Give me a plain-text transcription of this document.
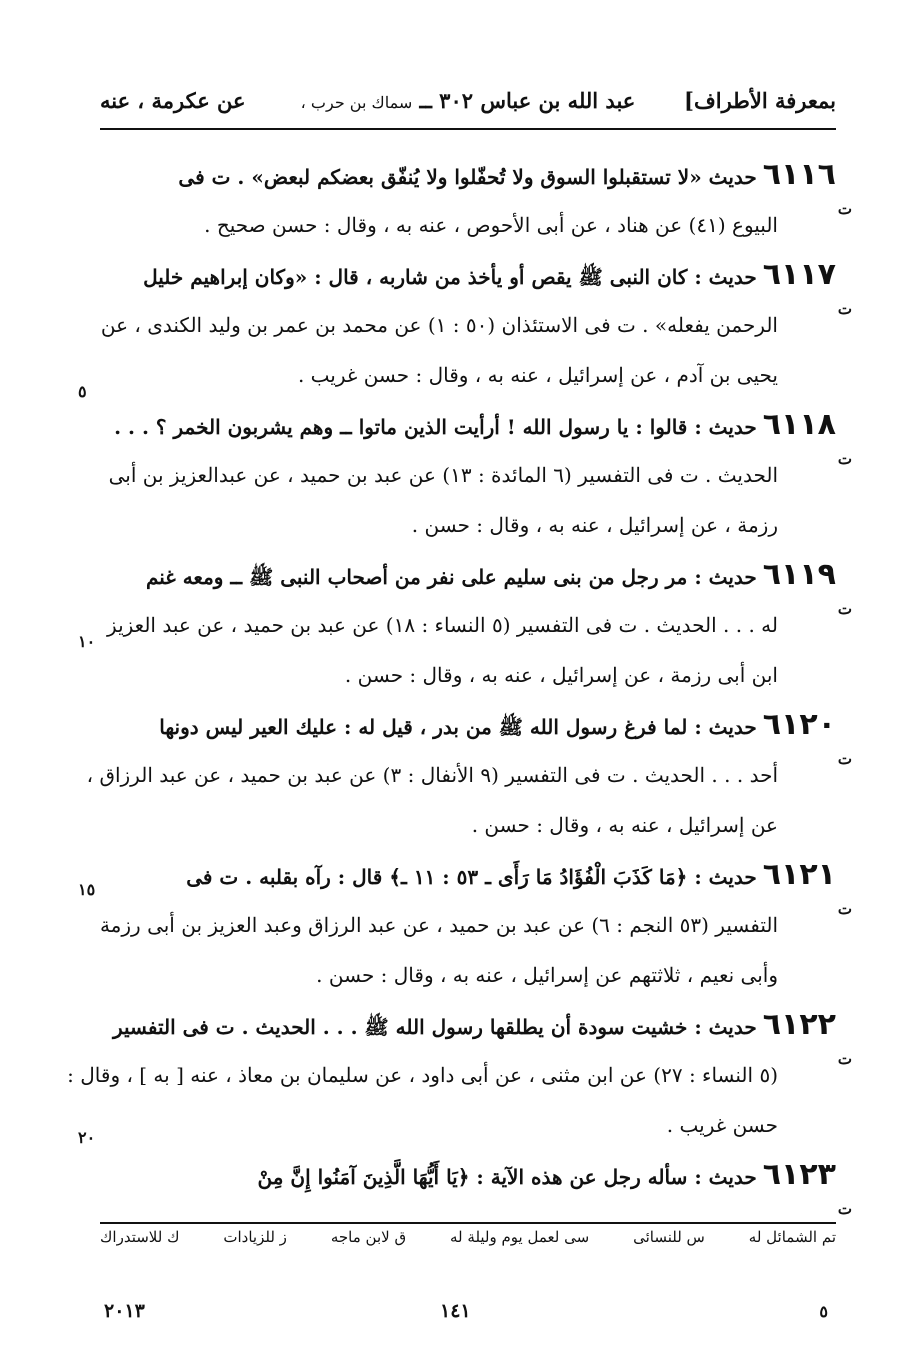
بمعرفة الأطراف]
عبد الله بن عباس ٣٠٢ ــ سماك بن حرب ،
عن عكرمة ، عنه
٦١١٦حديث «لا تستقبلوا السوق ولا تُحفّلوا ولا يُنفّق بعضكم لبعض» . ت فى
ت
البيوع (٤١) عن هناد ، عن أبى الأحوص ، عنه به ، وقال : حسن صحيح .
٦١١٧حديث : كان النبى ﷺ يقص أو يأخذ من شاربه ، قال : «وكان إبراهيم خليل
ت
الرحمن يفعله» . ت فى الاستئذان (٥٠ : ١) عن محمد بن عمر بن وليد الكندى ، عن
يحيى بن آدم ، عن إسرائيل ، عنه به ، وقال : حسن غريب .
٦١١٨حديث : قالوا : يا رسول الله ! أرأيت الذين ماتوا ــ وهم يشربون الخمر ؟ . . .
ت
الحديث . ت فى التفسير (٦ المائدة : ١٣) عن عبد بن حميد ، عن عبدالعزيز بن أبى
رزمة ، عن إسرائيل ، عنه به ، وقال : حسن .
٦١١٩حديث : مر رجل من بنى سليم على نفر من أصحاب النبى ﷺ ــ ومعه غنم
ت
له . . . الحديث . ت فى التفسير (٥ النساء : ١٨) عن عبد بن حميد ، عن عبد العزيز
ابن أبى رزمة ، عن إسرائيل ، عنه به ، وقال : حسن .
٦١٢٠حديث : لما فرغ رسول الله ﷺ من بدر ، قيل له : عليك العير ليس دونها
ت
أحد . . . الحديث . ت فى التفسير (٩ الأنفال : ٣) عن عبد بن حميد ، عن عبد الرزاق ،
عن إسرائيل ، عنه به ، وقال : حسن .
٦١٢١حديث : ﴿مَا كَذَبَ الْفُؤَادُ مَا رَأَى ـ ٥٣ : ١١ ـ﴾ قال : رآه بقلبه . ت فى
ت
التفسير (٥٣ النجم : ٦) عن عبد بن حميد ، عن عبد الرزاق وعبد العزيز بن أبى رزمة
وأبى نعيم ، ثلاثتهم عن إسرائيل ، عنه به ، وقال : حسن .
٦١٢٢حديث : خشيت سودة أن يطلقها رسول الله ﷺ . . . الحديث . ت فى التفسير
ت
(٥ النساء : ٢٧) عن ابن مثنى ، عن أبى داود ، عن سليمان بن معاذ ، عنه [ به ] ، وقال :
حسن غريب .
٦١٢٣حديث : سأله رجل عن هذه الآية : ﴿يَا أَيُّهَا الَّذِينَ آمَنُوا إِنَّ مِنْ
ت
٥
١٠
١٥
٢٠
تم الشمائل له
س للنسائى
سى لعمل يوم وليلة له
ق لابن ماجه
ز للزيادات
ك للاستدراك
١٤١
٢٠١٣	٥
